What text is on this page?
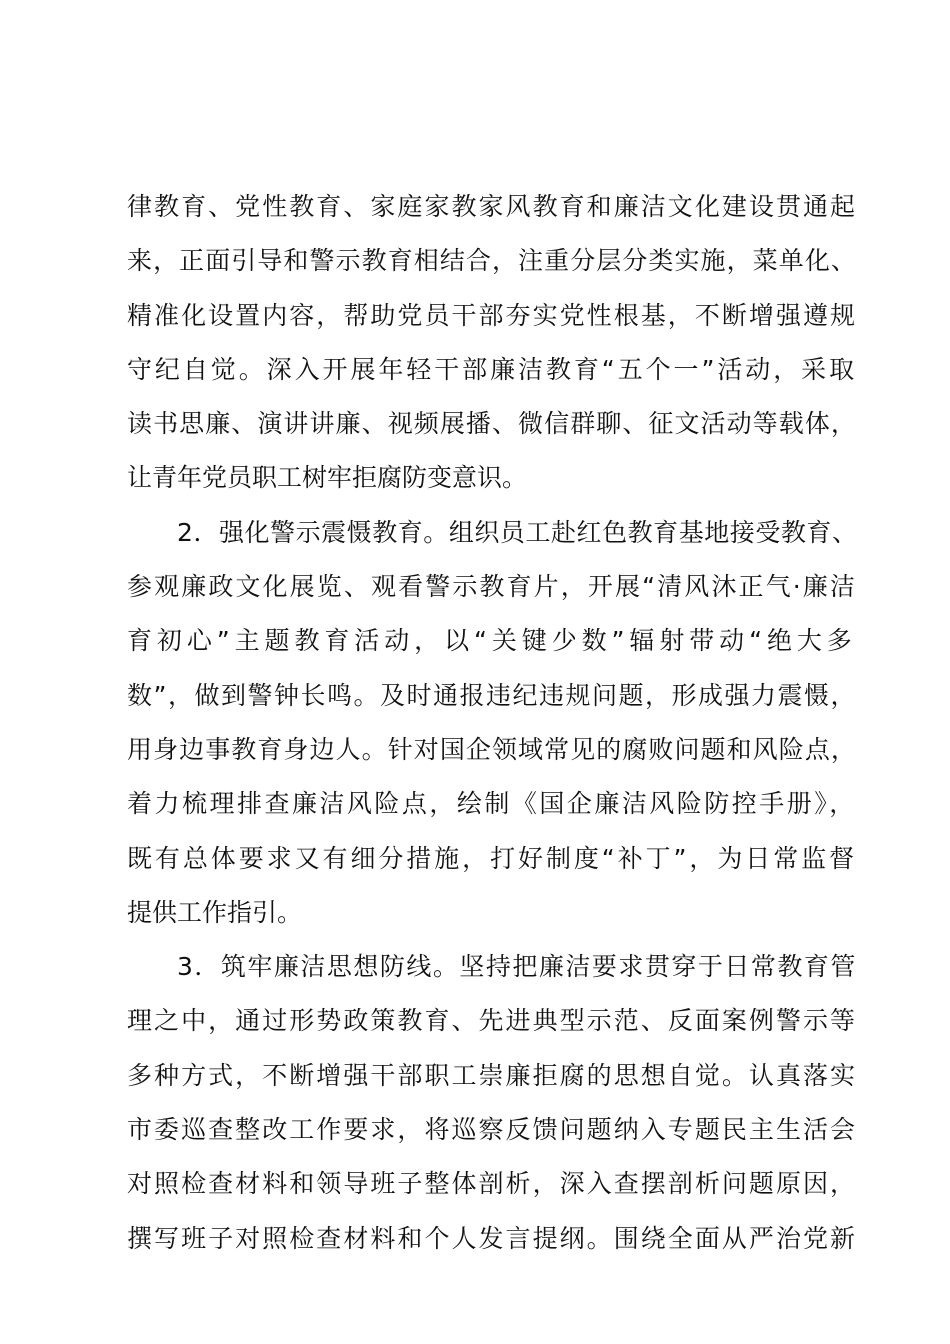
律教育、党性教育、家庭家教家风教育和廉洁文化建设贯通起
来，正面引导和警示教育相结合，注重分层分类实施，菜单化、
精准化设置内容，帮助党员干部夯实党性根基，不断增强遵规
守纪自觉。深入开展年轻干部廉洁教育“五个一”活动，采取
读书思廉、演讲讲廉、视频展播、微信群聊、征文活动等载体，
让青年党员职工树牢拒腐防变意识。
2．强化警示震慑教育。组织员工赴红色教育基地接受教育、
参观廉政文化展览、观看警示教育片，开展“清风沐正气·廉洁
育初心”主题教育活动，以“关键少数”辐射带动“绝大多
数”，做到警钟长鸣。及时通报违纪违规问题，形成强力震慑，
用身边事教育身边人。针对国企领域常见的腐败问题和风险点，
着力梳理排查廉洁风险点，绘制《国企廉洁风险防控手册》，
既有总体要求又有细分措施，打好制度“补丁”，为日常监督
提供工作指引。
3．筑牢廉洁思想防线。坚持把廉洁要求贯穿于日常教育管
理之中，通过形势政策教育、先进典型示范、反面案例警示等
多种方式，不断增强干部职工崇廉拒腐的思想自觉。认真落实
市委巡查整改工作要求，将巡察反馈问题纳入专题民主生活会
对照检查材料和领导班子整体剖析，深入查摆剖析问题原因，
撰写班子对照检查材料和个人发言提纲。围绕全面从严治党新
